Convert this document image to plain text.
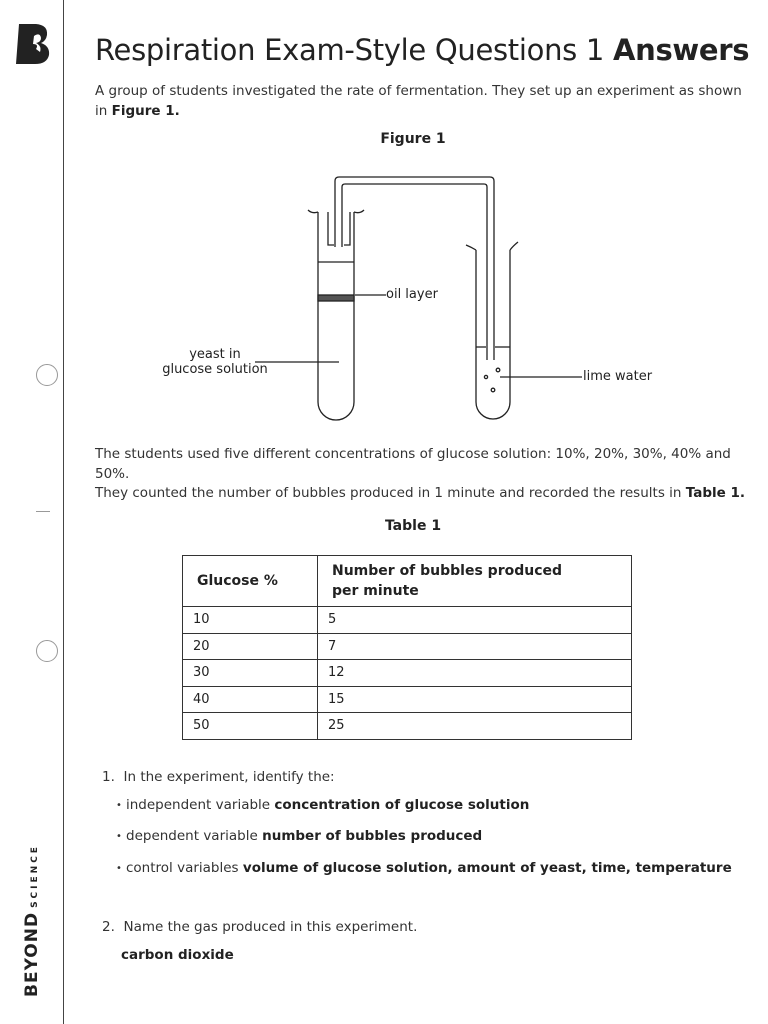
BEYONDSCIENCE
Respiration Exam-Style Questions 1 Answers

A group of students investigated the rate of fermentation. They set up an experiment as shown
in Figure 1.

Figure 1

oil layer
yeast in
glucose solution	lime water

The students used five different concentrations of glucose solution: 10%, 20%, 30%, 40% and 50%.
They counted the number of bubbles produced in 1 minute and recorded the results in Table 1.

Table 1

Glucose %	Number of bubbles produced
per minute
10	5
20	7
30	12
40	15
50	25
1. In the experiment, identify the:
• independent variable concentration of glucose solution
• dependent variable number of bubbles produced
• control variables volume of glucose solution, amount of yeast, time, temperature
2. Name the gas produced in this experiment.
carbon dioxide
